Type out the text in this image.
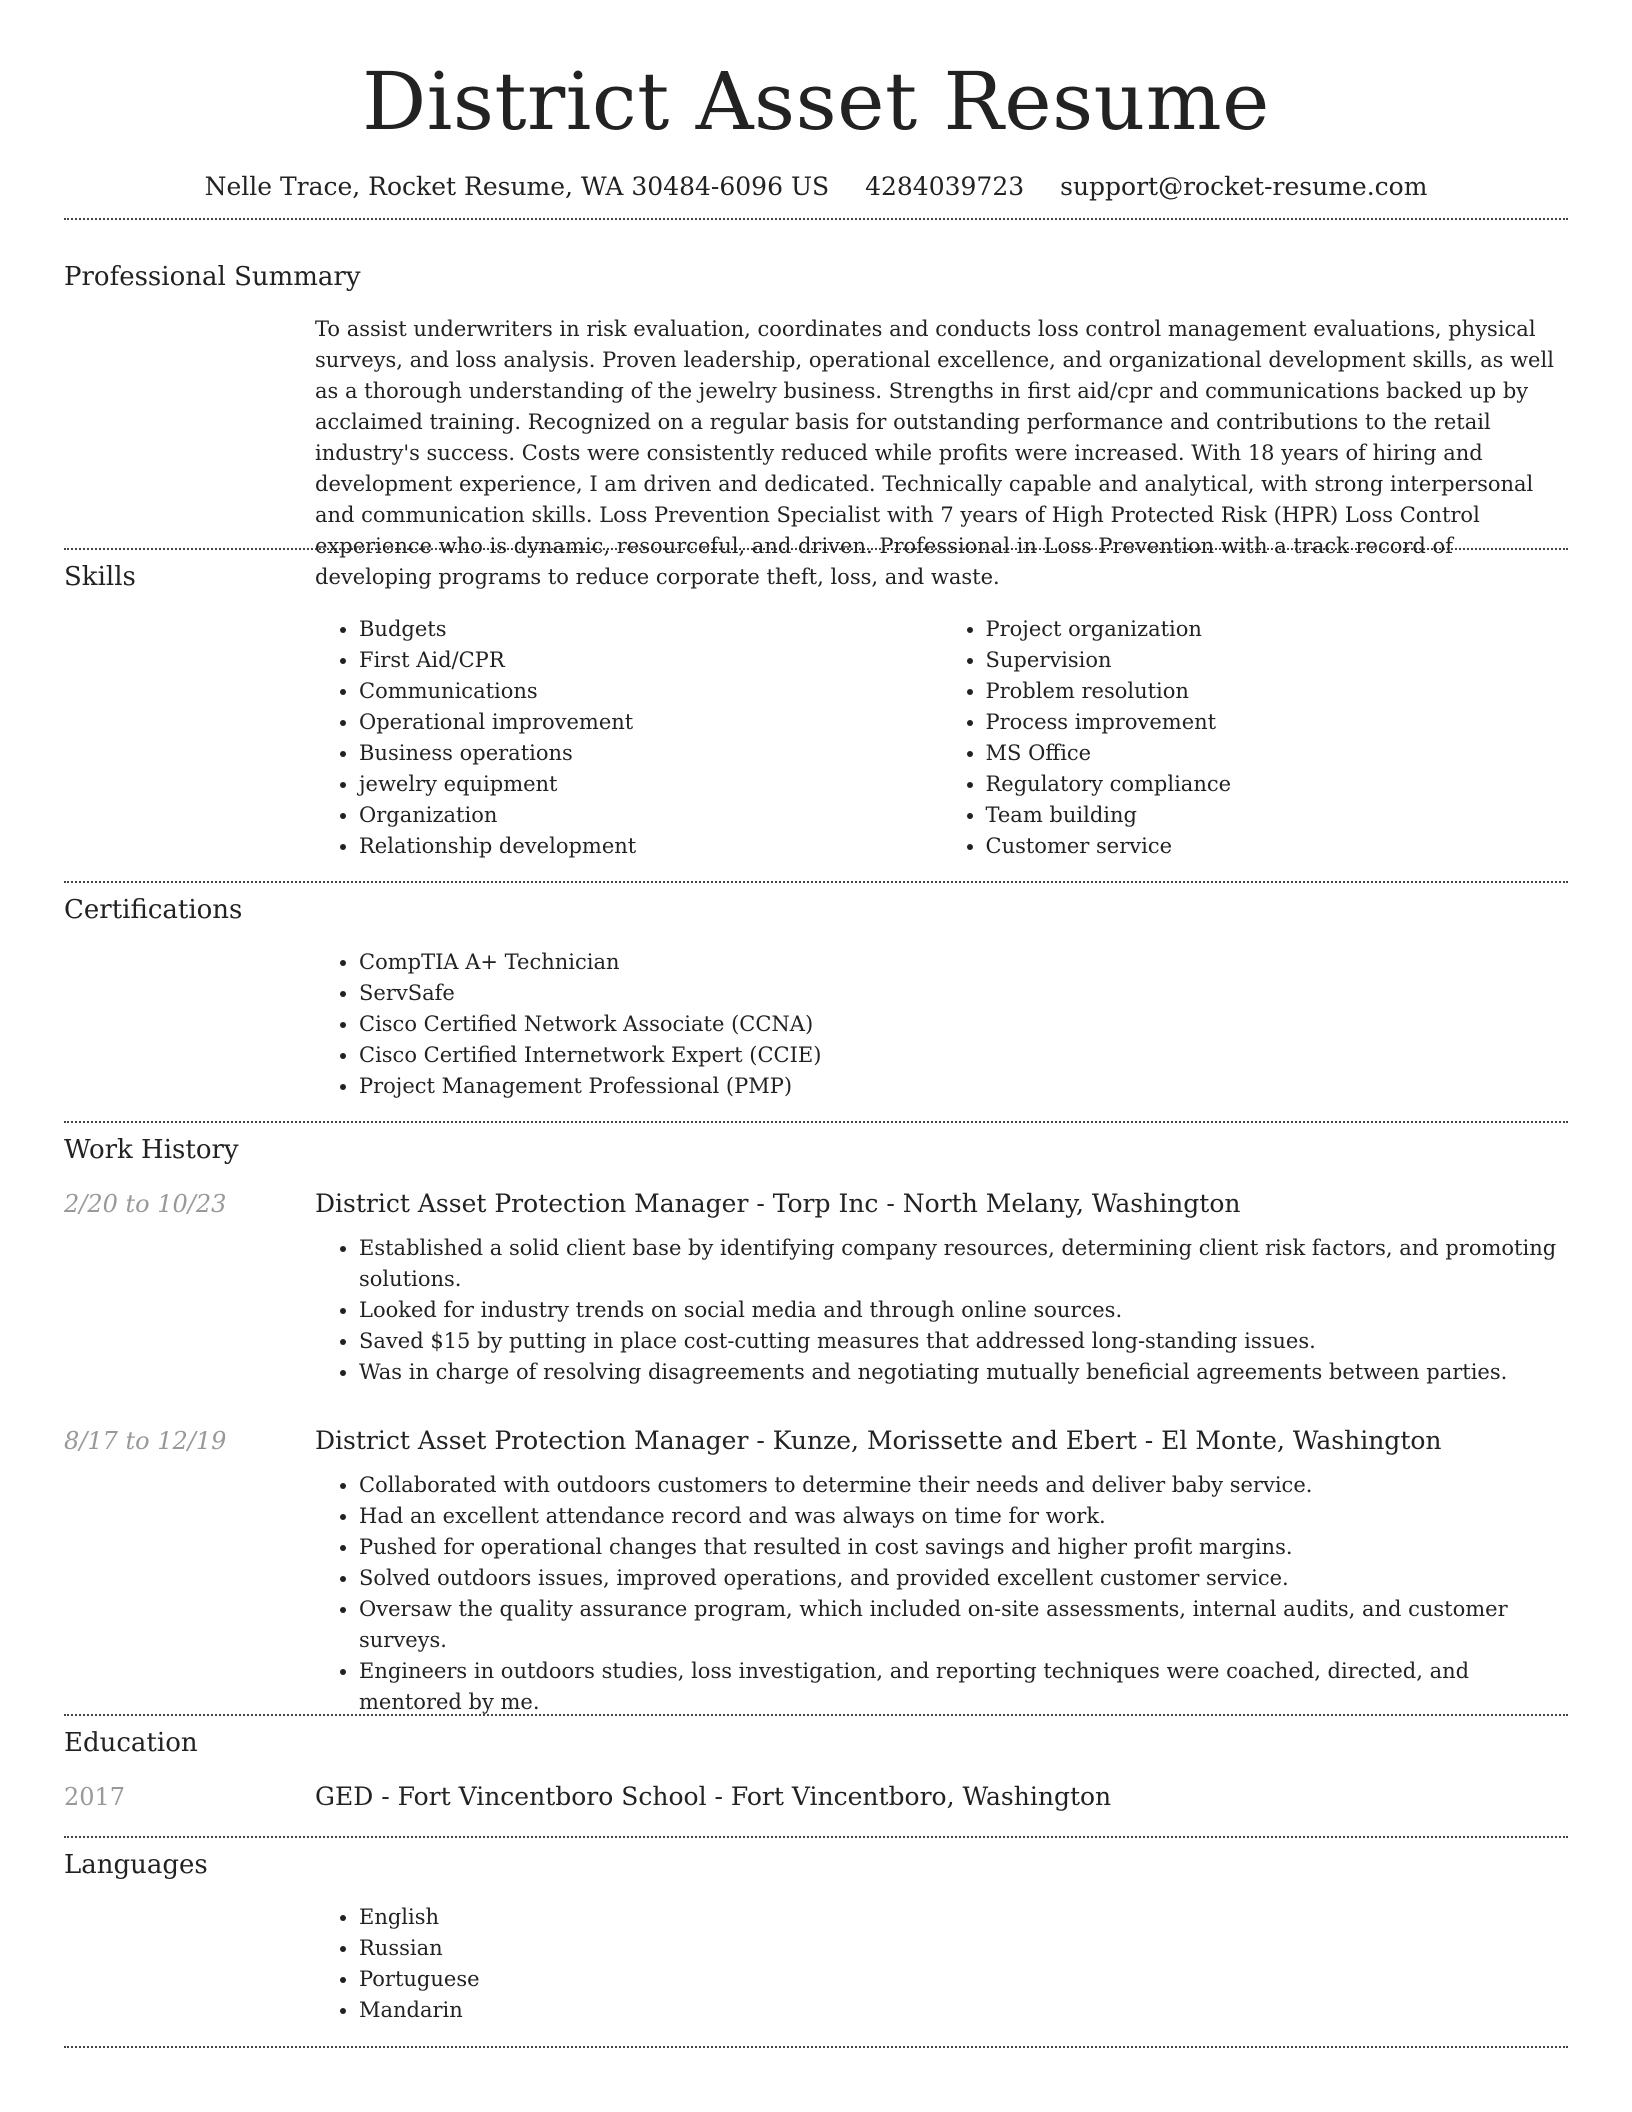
District Asset Resume
Nelle Trace, Rocket Resume, WA 30484-6096 US 4284039723 support@rocket-resume.com
Professional Summary

To assist underwriters in risk evaluation, coordinates and conducts loss control management evaluations, physical surveys, and loss analysis. Proven leadership, operational excellence, and organizational development skills, as well as a thorough understanding of the jewelry business. Strengths in first aid/cpr and communications backed up by acclaimed training. Recognized on a regular basis for outstanding performance and contributions to the retail industry's success. Costs were consistently reduced while profits were increased. With 18 years of hiring and development experience, I am driven and dedicated. Technically capable and analytical, with strong interpersonal and communication skills. Loss Prevention Specialist with 7 years of High Protected Risk (HPR) Loss Control experience who is dynamic, resourceful, and driven. Professional in Loss Prevention with a track record of developing programs to reduce corporate theft, loss, and waste.

Skills
• Budgets
• First Aid/CPR
• Communications
• Operational improvement
• Business operations
• jewelry equipment
• Organization
• Relationship development
• Project organization
• Supervision
• Problem resolution
• Process improvement
• MS Office
• Regulatory compliance
• Team building
• Customer service
Certifications
• CompTIA A+ Technician
• ServSafe
• Cisco Certified Network Associate (CCNA)
• Cisco Certified Internetwork Expert (CCIE)
• Project Management Professional (PMP)
Work History
2/20 to 10/23	District Asset Protection Manager - Torp Inc - North Melany, Washington
• Established a solid client base by identifying company resources, determining client risk factors, and promoting solutions.
• Looked for industry trends on social media and through online sources.
• Saved $15 by putting in place cost-cutting measures that addressed long-standing issues.
• Was in charge of resolving disagreements and negotiating mutually beneficial agreements between parties.
8/17 to 12/19	District Asset Protection Manager - Kunze, Morissette and Ebert - El Monte, Washington
• Collaborated with outdoors customers to determine their needs and deliver baby service.
• Had an excellent attendance record and was always on time for work.
• Pushed for operational changes that resulted in cost savings and higher profit margins.
• Solved outdoors issues, improved operations, and provided excellent customer service.
• Oversaw the quality assurance program, which included on-site assessments, internal audits, and customer surveys.
• Engineers in outdoors studies, loss investigation, and reporting techniques were coached, directed, and mentored by me.
Education
2017	GED - Fort Vincentboro School - Fort Vincentboro, Washington
Languages
• English
• Russian
• Portuguese
• Mandarin
